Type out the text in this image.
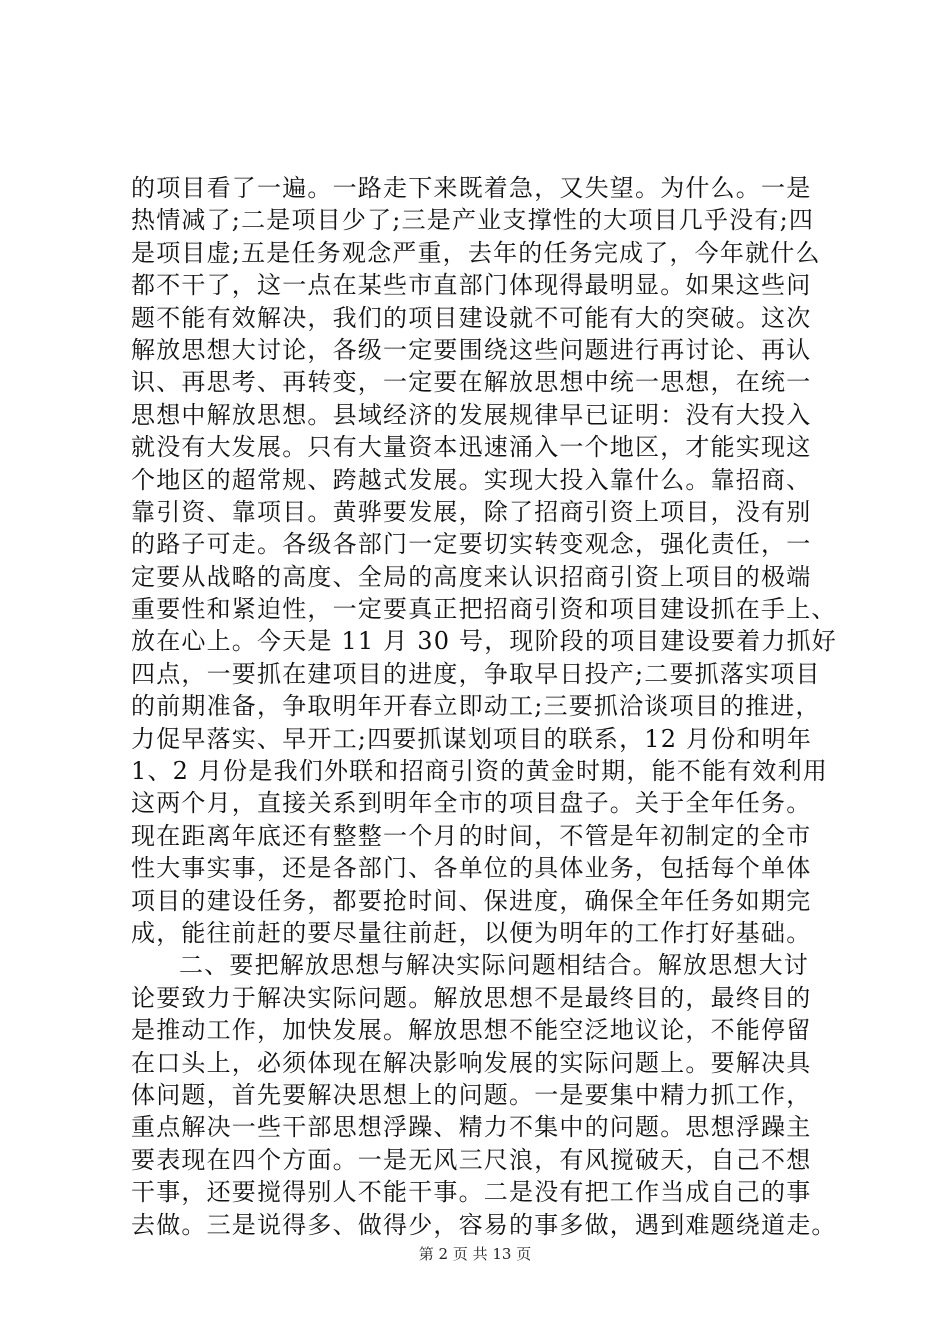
的项目看了一遍。一路走下来既着急，又失望。为什么。一是
热情减了;二是项目少了;三是产业支撑性的大项目几乎没有;四
是项目虚;五是任务观念严重，去年的任务完成了，今年就什么
都不干了，这一点在某些市直部门体现得最明显。如果这些问
题不能有效解决，我们的项目建设就不可能有大的突破。这次
解放思想大讨论，各级一定要围绕这些问题进行再讨论、再认
识、再思考、再转变，一定要在解放思想中统一思想，在统一
思想中解放思想。县域经济的发展规律早已证明：没有大投入
就没有大发展。只有大量资本迅速涌入一个地区，才能实现这
个地区的超常规、跨越式发展。实现大投入靠什么。靠招商、
靠引资、靠项目。黄骅要发展，除了招商引资上项目，没有别
的路子可走。各级各部门一定要切实转变观念，强化责任，一
定要从战略的高度、全局的高度来认识招商引资上项目的极端
重要性和紧迫性，一定要真正把招商引资和项目建设抓在手上、
放在心上。今天是 11 月 30 号，现阶段的项目建设要着力抓好
四点，一要抓在建项目的进度，争取早日投产;二要抓落实项目
的前期准备，争取明年开春立即动工;三要抓洽谈项目的推进，
力促早落实、早开工;四要抓谋划项目的联系，12 月份和明年
1、2 月份是我们外联和招商引资的黄金时期，能不能有效利用
这两个月，直接关系到明年全市的项目盘子。关于全年任务。
现在距离年底还有整整一个月的时间，不管是年初制定的全市
性大事实事，还是各部门、各单位的具体业务，包括每个单体
项目的建设任务，都要抢时间、保进度，确保全年任务如期完
成，能往前赶的要尽量往前赶，以便为明年的工作打好基础。
二、要把解放思想与解决实际问题相结合。解放思想大讨
论要致力于解决实际问题。解放思想不是最终目的，最终目的
是推动工作，加快发展。解放思想不能空泛地议论，不能停留
在口头上，必须体现在解决影响发展的实际问题上。要解决具
体问题，首先要解决思想上的问题。一是要集中精力抓工作，
重点解决一些干部思想浮躁、精力不集中的问题。思想浮躁主
要表现在四个方面。一是无风三尺浪，有风搅破天，自己不想
干事，还要搅得别人不能干事。二是没有把工作当成自己的事
去做。三是说得多、做得少，容易的事多做，遇到难题绕道走。
第 2 页 共 13 页
